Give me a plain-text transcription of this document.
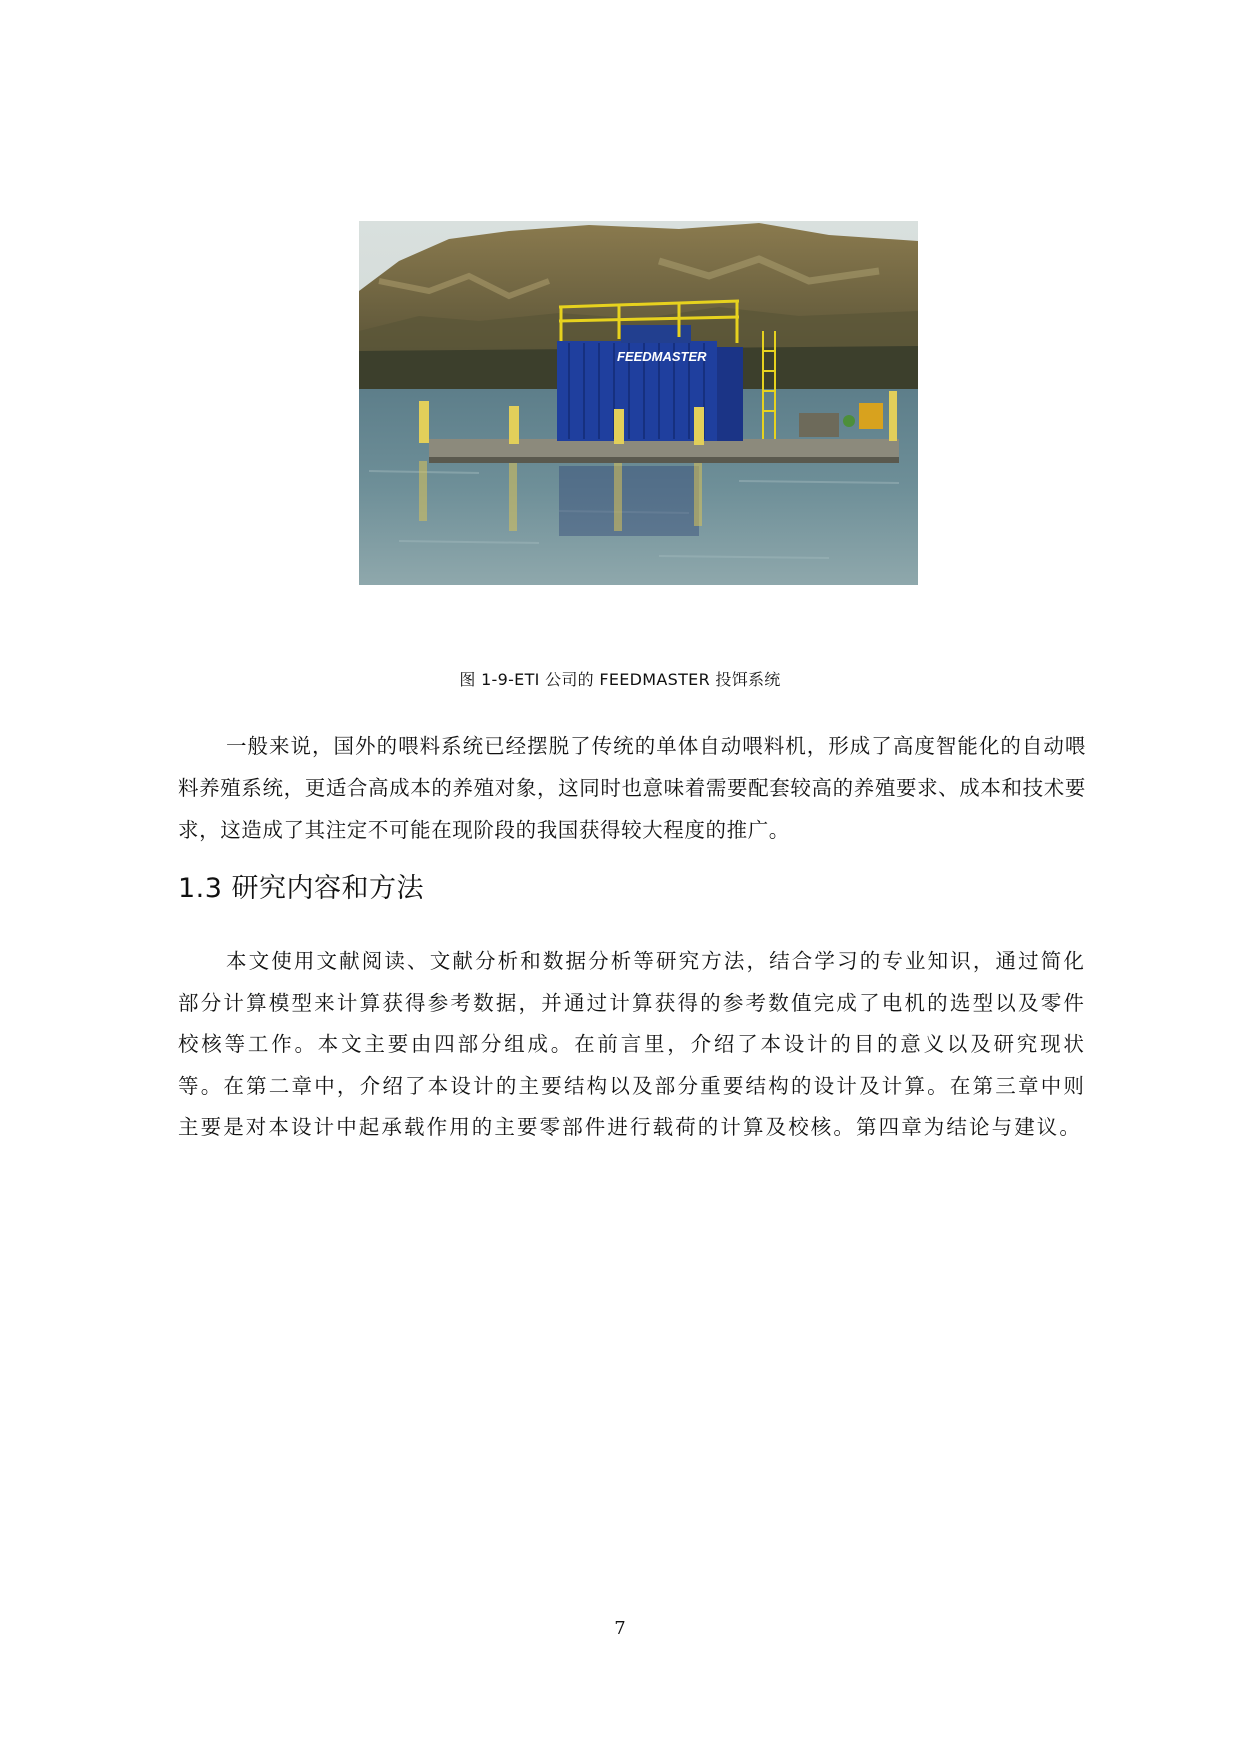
FEEDMASTER
图 1-9-ETI 公司的 FEEDMASTER 投饵系统

一般来说，国外的喂料系统已经摆脱了传统的单体自动喂料机，形成了高度智能化的自动喂料养殖系统，更适合高成本的养殖对象，这同时也意味着需要配套较高的养殖要求、成本和技术要求，这造成了其注定不可能在现阶段的我国获得较大程度的推广。

1.3 研究内容和方法

本文使用文献阅读、文献分析和数据分析等研究方法，结合学习的专业知识，通过简化部分计算模型来计算获得参考数据，并通过计算获得的参考数值完成了电机的选型以及零件校核等工作。本文主要由四部分组成。在前言里，介绍了本设计的目的意义以及研究现状等。在第二章中，介绍了本设计的主要结构以及部分重要结构的设计及计算。在第三章中则主要是对本设计中起承载作用的主要零部件进行载荷的计算及校核。第四章为结论与建议。

7
